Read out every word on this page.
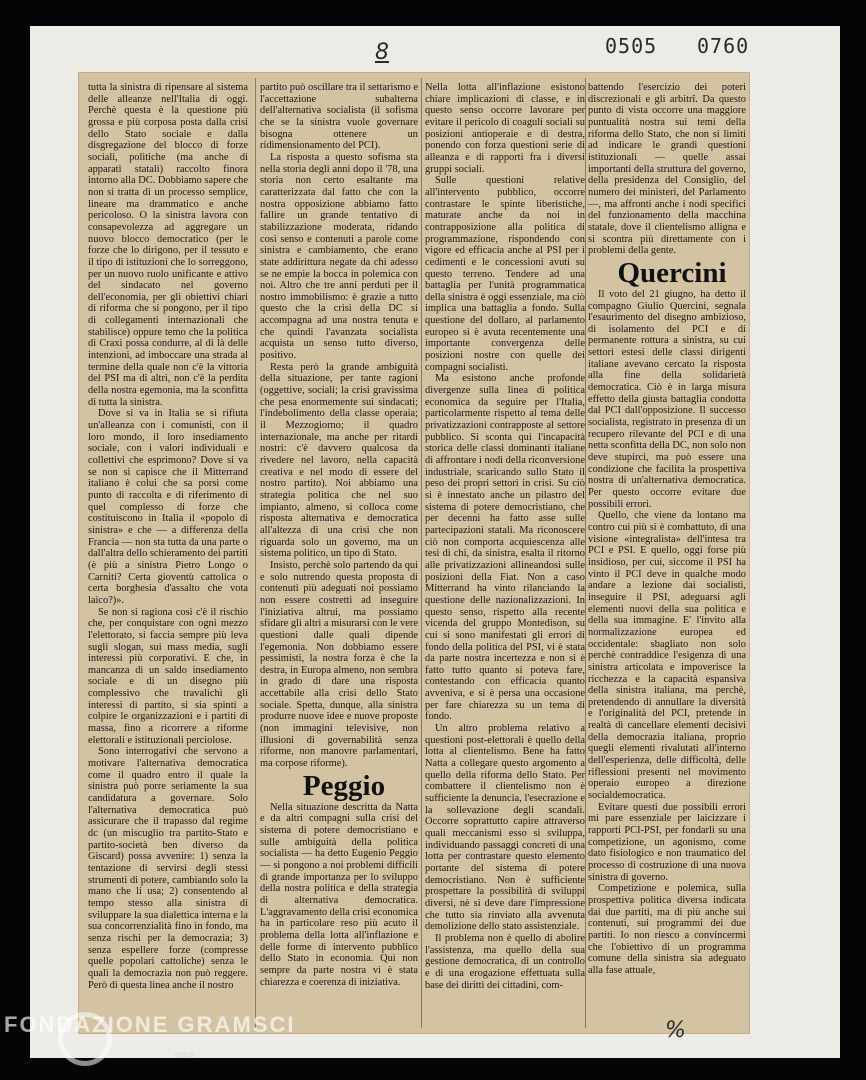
8	0505 0760
%

tutta la sinistra di ripensare al sistema delle alleanze nell'Italia di oggi. Perchè questa è la questione più grossa e più corposa posta dalla crisi dello Stato sociale e dalla disgregazione del blocco di forze sociali, politiche (ma anche di apparati statali) raccolto finora intorno alla DC. Dobbiamo sapere che non si tratta di un processo semplice, lineare ma drammatico e anche pericoloso. O la sinistra lavora con consapevolezza ad aggregare un nuovo blocco democratico (per le forze che lo dirigono, per il tessuto e il tipo di istituzioni che lo sorreggono, per un nuovo ruolo unificante e attivo del sindacato nel governo dell'economia, per gli obiettivi chiari di riforma che si pongono, per il tipo di collegamenti internazionali che stabilisce) oppure temo che la politica di Craxi possa condurre, al di là delle intenzioni, ad imboccare una strada al termine della quale non c'è la vittoria del PSI ma di altri, non c'è la perdita della nostra egemonia, ma la sconfitta di tutta la sinistra.

Dove si va in Italia se si rifiuta un'alleanza con i comunisti, con il loro mondo, il loro insediamento sociale, con i valori individuali e collettivi che esprimono? Dove si va se non si capisce che il Mitterrand italiano è colui che sa porsi come punto di raccolta e di riferimento di quel complesso di forze che costituiscono in Italia il «popolo di sinistra» e che — a differenza della Francia — non sta tutta da una parte o dall'altra dello schieramento dei partiti (è più a sinistra Pietro Longo o Carniti? Certa gioventù cattolica o certa borghesia d'assalto che vota laico?)».

Se non si ragiona così c'è il rischio che, per conquistare con ogni mezzo l'elettorato, si faccia sempre più leva sugli slogan, sui mass media, sugli interessi più corporativi. E che, in mancanza di un saldo insediamento sociale e di un disegno più complessivo che travalichi gli interessi di partito, si sia spinti a colpire le organizzazioni e i partiti di massa, fino a ricorrere a riforme elettorali e istituzionali perciolose.

Sono interrogativi che servono a motivare l'alternativa democratica come il quadro entro il quale la sinistra può porre seriamente la sua candidatura a governare. Solo l'alternativa democratica può assicurare che il trapasso dal regime dc (un miscuglio tra partito-Stato e partito-società ben diverso da Giscard) possa avvenire: 1) senza la tentazione di servirsi degli stessi strumenti di potere, cambiando solo la mano che li usa; 2) consentendo al tempo stesso alla sinistra di sviluppare la sua dialettica interna e la sua concorrenzialità fino in fondo, ma senza rischi per la democrazia; 3) senza espellere forze (compresse quelle popolari cattoliche) senza le quali la democrazia non può reggere. Però di questa linea anche il nostro

partito può oscillare tra il settarismo e l'accettazione subalterna dell'alternativa socialista (il sofisma che se la sinistra vuole governare bisogna ottenere un ridimensionamento del PCI).

La risposta a questo sofisma sta nella storia degli anni dopo il '78, una storia non certo esaltante ma caratterizzata dal fatto che con la nostra opposizione abbiamo fatto fallire un grande tentativo di stabilizzazione moderata, ridando così senso e contenuti a parole come sinistra e cambiamento, che erano state addirittura negate da chi adesso se ne empie la bocca in polemica con noi. Altro che tre anni perduti per il nostro immobilismo: è grazie a tutto questo che la crisi della DC si accompagna ad una nostra tenuta e che quindi l'avanzata socialista acquista un senso tutto diverso, positivo.

Resta però la grande ambiguità della situazione, per tante ragioni (oggettive, sociali; la crisi gravissima che pesa enormemente sui sindacati; l'indebolimento della classe operaia; il Mezzogiorno; il quadro internazionale, ma anche per ritardi nostri: c'è davvero qualcosa da rivedere nel lavoro, nella capacità creativa e nel modo di essere del nostro partito). Noi abbiamo una strategia politica che nel suo impianto, almeno, si colloca come risposta alternativa e democratica all'altezza di una crisi che non riguarda solo un governo, ma un sistema politico, un tipo di Stato.

Insisto, perchè solo partendo da qui e solo nutrendo questa proposta di contenuti più adeguati noi possiamo non essere costretti ad inseguire l'iniziativa altrui, ma possiamo sfidare gli altri a misurarsi con le vere questioni dalle quali dipende l'egemonia. Non dobbiamo essere pessimisti, la nostra forza è che la destra, in Europa almeno, non sembra in grado di dare una risposta accettabile alla crisi dello Stato sociale. Spetta, dunque, alla sinistra produrre nuove idee e nuove proposte (non immagini televisive, non illusioni di governabilità senza riforme, non manovre parlamentari, ma corpose riforme).

Peggio

Nella situazione descritta da Natta e da altri compagni sulla crisi del sistema di potere democristiano e sulle ambiguità della politica socialista — ha detto Eugenio Peggio — si pongono a noi problemi difficili di grande importanza per lo sviluppo della nostra politica e della strategia di alternativa democratica. L'aggravamento della crisi economica ha in particolare reso più acuto il problema della lotta all'inflazione e delle forme di intervento pubblico dello Stato in economia. Qui non sempre da parte nostra vi è stata chiarezza e coerenza di iniziativa.

Nella lotta all'inflazione esistono chiare implicazioni di classe, e in questo senso occorre lavorare per evitare il pericolo di coaguli sociali su posizioni antioperaie e di destra, ponendo con forza questioni serie di alleanza e di rapporti fra i diversi gruppi sociali.

Sulle questioni relative all'intervento pubblico, occorre contrastare le spinte liberistiche, maturate anche da noi in contrapposizione alla politica di programmazione, rispondendo con vigore ed efficacia anche al PSI per i cedimenti e le concessioni avuti su questo terreno. Tendere ad una battaglia per l'unità programmatica della sinistra è oggi essenziale, ma ciò implica una battaglia a fondo. Sulla questione del dollaro, al parlamento europeo si è avuta recentemente una importante convergenza delle posizioni nostre con quelle dei compagni socialisti.

Ma esistono anche profonde divergenze sulla linea di politica economica da seguire per l'Italia, particolarmente rispetto al tema delle privatizzazioni contrapposte al settore pubblico. Si sconta qui l'incapacità storica delle classi dominanti italiane di affrontare i nodi della riconversione industriale, scaricando sullo Stato il peso dei propri settori in crisi. Su ciò si è innestato anche un pilastro del sistema di potere democristiano, che per decenni ha fatto asse sulle partecipazioni statali. Ma riconoscere ciò non comporta acquiescenza alle tesi di chi, da sinistra, esalta il ritorno alle privatizzazioni allineandosi sulle posizioni della Fiat. Non a caso Mitterrand ha vinto rilanciando la questione delle nazionalizzazioni. In questo senso, rispetto alla recente vicenda del gruppo Montedison, su cui si sono manifestati gli errori di fondo della politica del PSI, vi è stata da parte nostra incertezza e non si è fatto tutto quanto si poteva fare, contestando con efficacia quanto avveniva, e si è persa una occasione per fare chiarezza su un tema di fondo.

Un altro problema relativo a questioni post-elettorali è quello della lotta al clientelismo. Bene ha fatto Natta a collegare questo argomento a quello della riforma dello Stato. Per combattere il clientelismo non è sufficiente la denuncia, l'esecrazione e la sollevazione degli scandali. Occorre soprattutto capire attraverso quali meccanismi esso si sviluppa, individuando passaggi concreti di una lotta per contrastare questo elemento portante del sistema di potere democristiano. Non è sufficiente prospettare la possibilità di sviluppi diversi, nè si deve dare l'impressione che tutto sia rinviato alla avvenuta demolizione dello stato assistenziale.

Il problema non è quello di abolire l'assistenza, ma quello della sua gestione democratica, di un controllo e di una erogazione effettuata sulla base dei diritti dei cittadini, com-

battendo l'esercizio dei poteri discrezionali e gli arbitrî. Da questo punto di vista occorre una maggiore puntualità nostra sui temi della riforma dello Stato, che non si limiti ad indicare le grandi questioni istituzionali — quelle assai importanti della struttura del governo, della presidenza del Consiglio, del numero dei ministeri, del Parlamento —, ma affronti anche i nodi specifici del funzionamento della macchina statale, dove il clientelismo alligna e si scontra più direttamente con i problemi della gente.

Quercini

Il voto del 21 giugno, ha detto il compagno Giulio Quercini, segnala l'esaurimento del disegno ambizioso, di isolamento del PCI e di permanente rottura a sinistra, su cui settori estesi delle classi dirigenti italiane avevano cercato la risposta alla fine della solidarietà democratica. Ciò è in larga misura effetto della giusta battaglia condotta dal PCI dall'opposizione. Il successo socialista, registrato in presenza di un recupero rilevante del PCI e di una netta sconfitta della DC, non solo non deve stupirci, ma può essere una condizione che facilita la prospettiva nostra di un'alternativa democratica. Per questo occorre evitare due possibili errori.

Quello, che viene da lontano ma contro cui più si è combattuto, di una visione «integralista» dell'intesa tra PCI e PSI. E quello, oggi forse più insidioso, per cui, siccome il PSI ha vinto il PCI deve in qualche modo andare a lezione dai socialisti, inseguire il PSI, adeguarsi agli elementi nuovi della sua politica e della sua immagine. E' l'invito alla normalizzazione europea ed occidentale: sbagliato non solo perchè contraddice l'esigenza di una sinistra articolata e impoverisce la ricchezza e la capacità espansiva della sinistra italiana, ma perchè, pretendendo di annullare la diversità e l'originalità del PCI, pretende in realtà di cancellare elementi decisivi della democrazia italiana, proprio quegli elementi rivalutati all'interno dell'esperienza, delle difficoltà, delle riflessioni presenti nel movimento operaio europeo a direzione socialdemocratica.

Evitare questi due possibili errori mi pare essenziale per laicizzare i rapporti PCI-PSI, per fondarli su una competizione, un agonismo, come dato fisiologico e non traumatico del processo di costruzione di una nuova sinistra di governo.

Competizione e polemica, sulla prospettiva politica diversa indicata dai due partiti, ma di più anche sui contenuti, sui programmi dei due partiti. Io non riesco a convincermi che l'obiettivo di un programma comune della sinistra sia adeguato alla fase attuale,

FONDAZIONE GRAMSCI
onlus
